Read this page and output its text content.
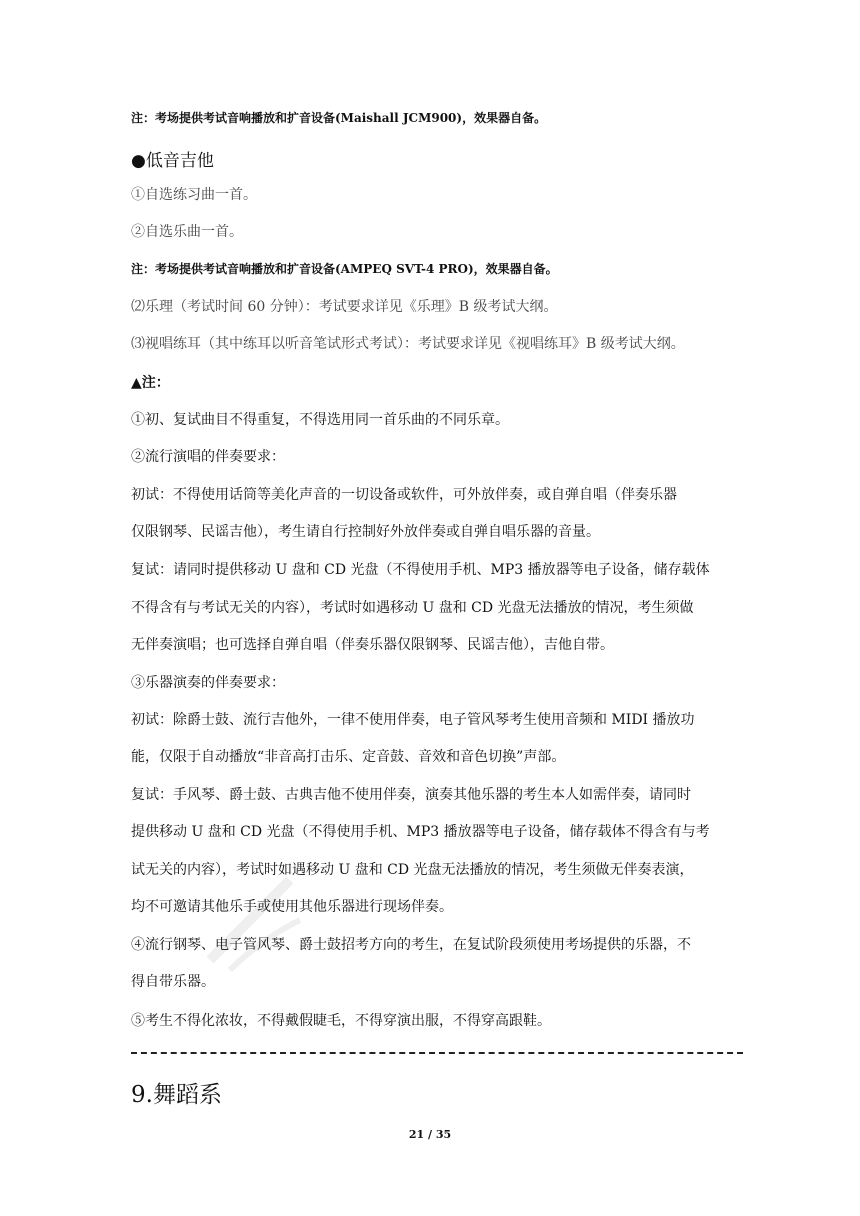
注：考场提供考试音响播放和扩音设备(Maishall JCM900)，效果器自备。
●低音吉他
①自选练习曲一首。
②自选乐曲一首。
注：考场提供考试音响播放和扩音设备(AMPEQ SVT-4 PRO)，效果器自备。
⑵乐理（考试时间 60 分钟）：考试要求详见《乐理》B 级考试大纲。
⑶视唱练耳（其中练耳以听音笔试形式考试）：考试要求详见《视唱练耳》B 级考试大纲。
▲注：
①初、复试曲目不得重复，不得选用同一首乐曲的不同乐章。
②流行演唱的伴奏要求：
初试：不得使用话筒等美化声音的一切设备或软件，可外放伴奏，或自弹自唱（伴奏乐器
仅限钢琴、民谣吉他），考生请自行控制好外放伴奏或自弹自唱乐器的音量。
复试：请同时提供移动 U 盘和 CD 光盘（不得使用手机、MP3 播放器等电子设备，储存载体
不得含有与考试无关的内容），考试时如遇移动 U 盘和 CD 光盘无法播放的情况，考生须做
无伴奏演唱；也可选择自弹自唱（伴奏乐器仅限钢琴、民谣吉他），吉他自带。
③乐器演奏的伴奏要求：
初试：除爵士鼓、流行吉他外，一律不使用伴奏，电子管风琴考生使用音频和 MIDI 播放功
能，仅限于自动播放“非音高打击乐、定音鼓、音效和音色切换”声部。
复试：手风琴、爵士鼓、古典吉他不使用伴奏，演奏其他乐器的考生本人如需伴奏，请同时
提供移动 U 盘和 CD 光盘（不得使用手机、MP3 播放器等电子设备，储存载体不得含有与考
试无关的内容），考试时如遇移动 U 盘和 CD 光盘无法播放的情况，考生须做无伴奏表演，
均不可邀请其他乐手或使用其他乐器进行现场伴奏。
④流行钢琴、电子管风琴、爵士鼓招考方向的考生，在复试阶段须使用考场提供的乐器，不
得自带乐器。
⑤考生不得化浓妆，不得戴假睫毛，不得穿演出服，不得穿高跟鞋。
9.舞蹈系
21 / 35
